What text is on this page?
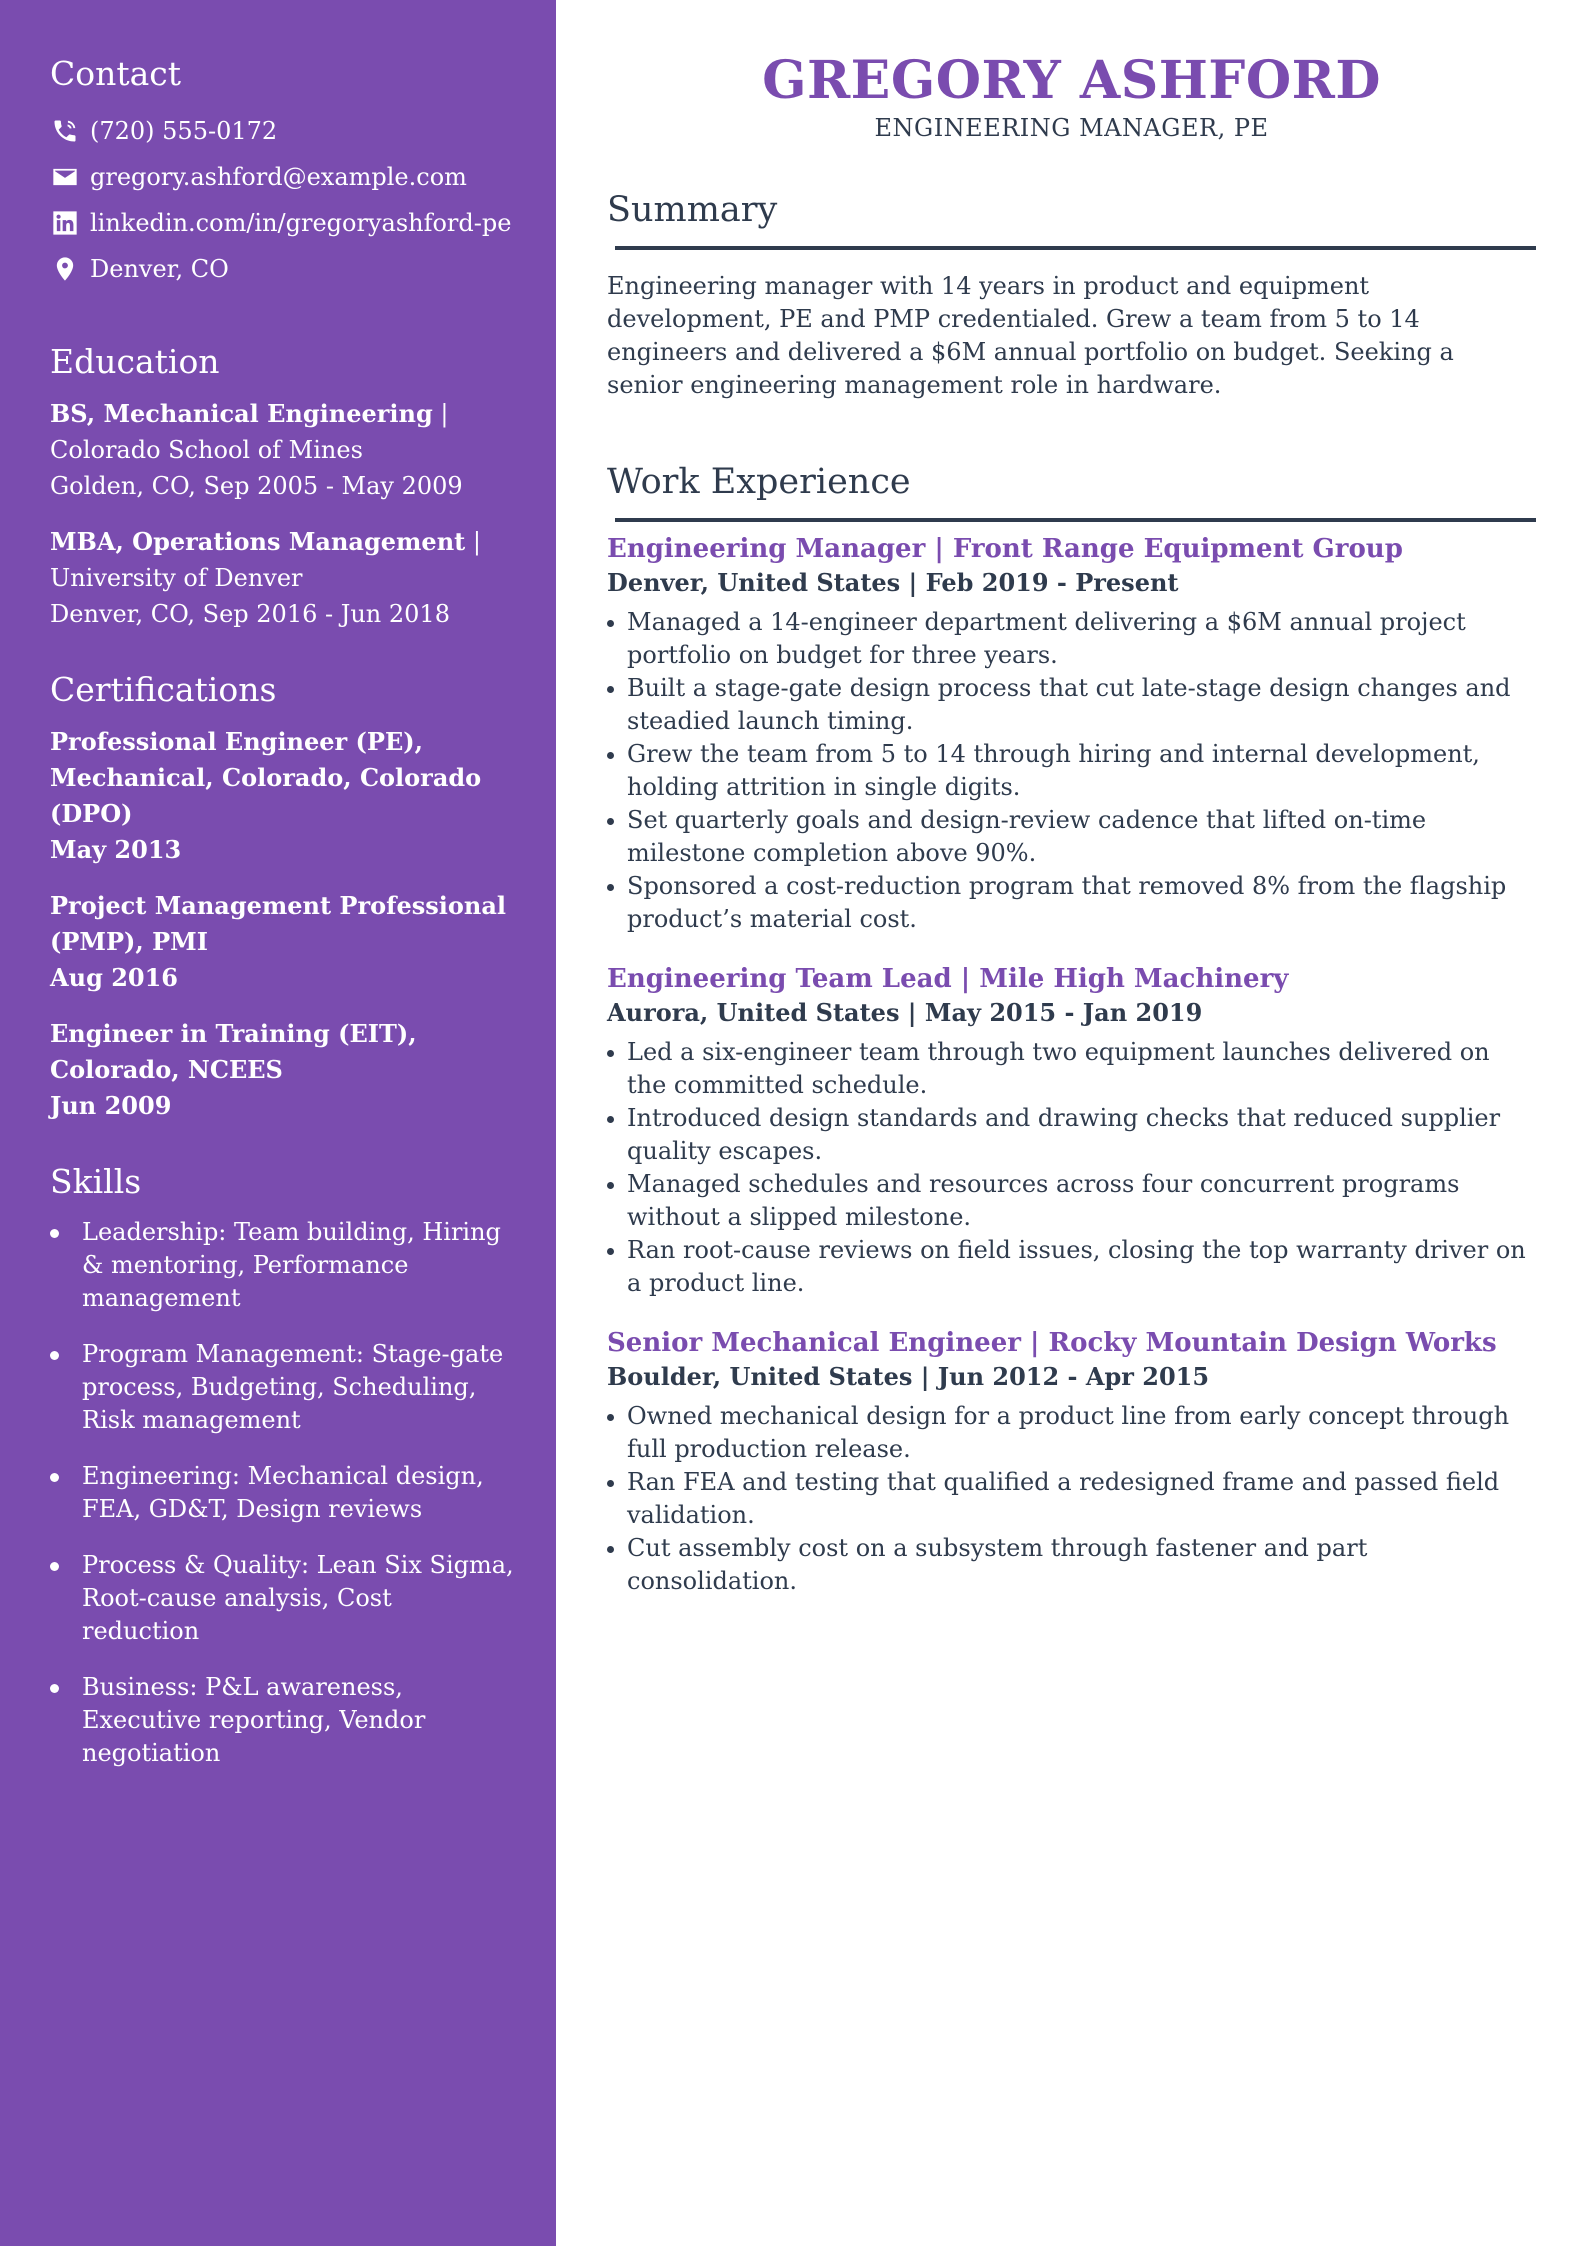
Contact
(720) 555-0172
gregory.ashford@example.com
linkedin.com/in/gregoryashford-pe
Denver, CO
Education
BS, Mechanical Engineering | Colorado School of Mines
Golden, CO, Sep 2005 - May 2009
MBA, Operations Management | University of Denver
Denver, CO, Sep 2016 - Jun 2018
Certifications
Professional Engineer (PE), Mechanical, Colorado, Colorado (DPO)
May 2013
Project Management Professional (PMP), PMI
Aug 2016
Engineer in Training (EIT), Colorado, NCEES
Jun 2009
Skills
Leadership: Team building, Hiring & mentoring, Performance management
Program Management: Stage-gate process, Budgeting, Scheduling, Risk management
Engineering: Mechanical design, FEA, GD&T, Design reviews
Process & Quality: Lean Six Sigma, Root-cause analysis, Cost reduction
Business: P&L awareness, Executive reporting, Vendor negotiation
GREGORY ASHFORD
ENGINEERING MANAGER, PE
Summary

Engineering manager with 14 years in product and equipment development, PE and PMP credentialed. Grew a team from 5 to 14 engineers and delivered a $6M annual portfolio on budget. Seeking a senior engineering management role in hardware.

Work Experience
Engineering Manager | Front Range Equipment Group
Denver, United States | Feb 2019 - Present
Managed a 14-engineer department delivering a $6M annual project portfolio on budget for three years.
Built a stage-gate design process that cut late-stage design changes and steadied launch timing.
Grew the team from 5 to 14 through hiring and internal development, holding attrition in single digits.
Set quarterly goals and design-review cadence that lifted on-time milestone completion above 90%.
Sponsored a cost-reduction program that removed 8% from the flagship product’s material cost.
Engineering Team Lead | Mile High Machinery
Aurora, United States | May 2015 - Jan 2019
Led a six-engineer team through two equipment launches delivered on the committed schedule.
Introduced design standards and drawing checks that reduced supplier quality escapes.
Managed schedules and resources across four concurrent programs without a slipped milestone.
Ran root-cause reviews on field issues, closing the top warranty driver on a product line.
Senior Mechanical Engineer | Rocky Mountain Design Works
Boulder, United States | Jun 2012 - Apr 2015
Owned mechanical design for a product line from early concept through full production release.
Ran FEA and testing that qualified a redesigned frame and passed field validation.
Cut assembly cost on a subsystem through fastener and part consolidation.
